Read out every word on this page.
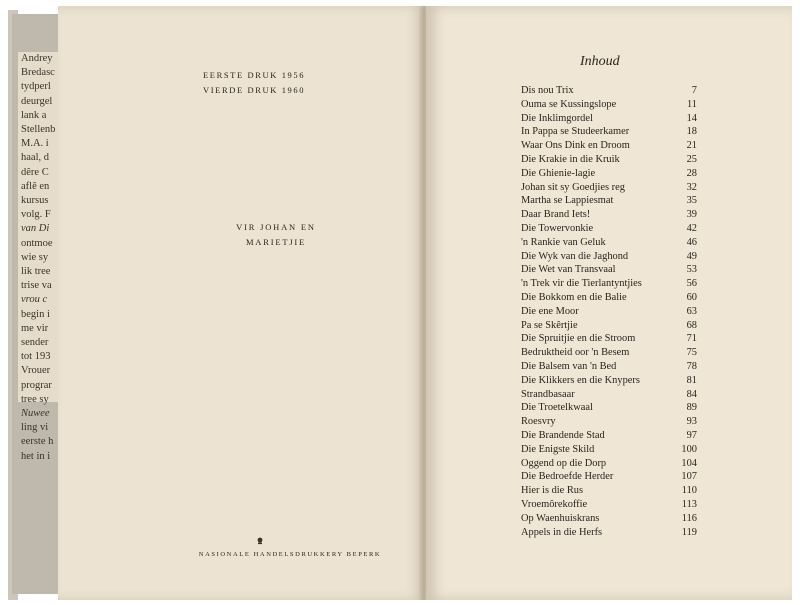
Andrey
Bredasc
tydperl
deurgel
lank a
Stellenb
M.A. i
haal, d
dêre C
aflê en
kursus
volg. F
van Di
ontmoe
wie sy
lik tree
trise va
vrou c
begin i
me vir
sender
tot 193
Vrouer
prograr
tree sy
Nuwee
ling vi
eerste h
het in i
EERSTE DRUK 1956
VIERDE DRUK 1960
VIR JOHAN EN
MARIETJIE
NASIONALE HANDELSDRUKKERY BEPERK
Inhoud
Dis nou Trix	7
Ouma se Kussingslope	11
Die Inklimgordel	14
In Pappa se Studeerkamer	18
Waar Ons Dink en Droom	21
Die Krakie in die Kruik	25
Die Ghienie-lagie	28
Johan sit sy Goedjies reg	32
Martha se Lappiesmat	35
Daar Brand Iets!	39
Die Towervonkie	42
'n Rankie van Geluk	46
Die Wyk van die Jaghond	49
Die Wet van Transvaal	53
'n Trek vir die Tierlantyntjies	56
Die Bokkom en die Balie	60
Die ene Moor	63
Pa se Skêrtjie	68
Die Spruitjie en die Stroom	71
Bedruktheid oor 'n Besem	75
Die Balsem van 'n Bed	78
Die Klikkers en die Knypers	81
Strandbasaar	84
Die Troetelkwaal	89
Roesvry	93
Die Brandende Stad	97
Die Enigste Skild	100
Oggend op die Dorp	104
Die Bedroefde Herder	107
Hier is die Rus	110
Vroemôrekoffie	113
Op Waenhuiskrans	116
Appels in die Herfs	119
